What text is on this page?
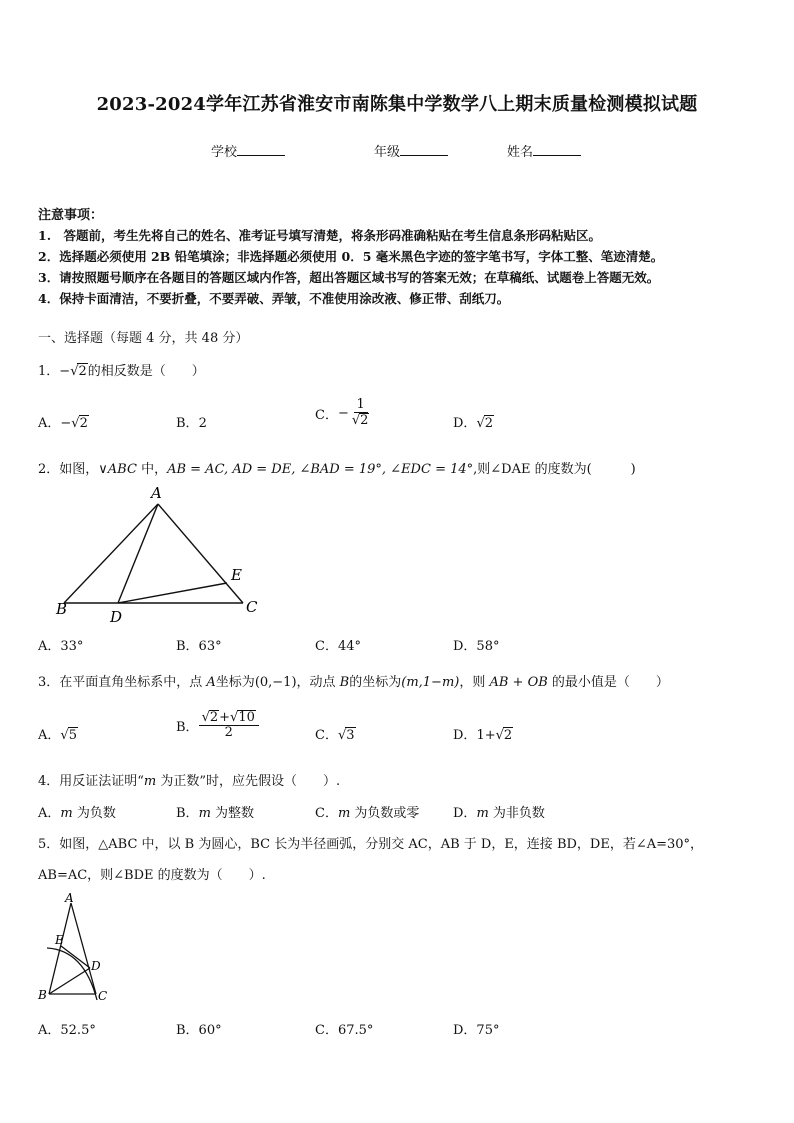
2023-2024学年江苏省淮安市南陈集中学数学八上期末质量检测模拟试题
学校	年级	姓名
注意事项：
1.　答题前，考生先将自己的姓名、准考证号填写清楚，将条形码准确粘贴在考生信息条形码粘贴区。
2．选择题必须使用 2B 铅笔填涂；非选择题必须使用 0．5 毫米黑色字迹的签字笔书写，字体工整、笔迹清楚。
3．请按照题号顺序在各题目的答题区域内作答，超出答题区域书写的答案无效；在草稿纸、试题卷上答题无效。
4．保持卡面清洁，不要折叠，不要弄破、弄皱，不准使用涂改液、修正带、刮纸刀。
一、选择题（每题 4 分，共 48 分）
1．−√2的相反数是（　　）
A．−√2	B．2
C．− $\frac{1}{√2}$	D．√2
2．如图，∨ABC 中，AB = AC, AD = DE, ∠BAD = 19°, ∠EDC = 14°,则∠DAE 的度数为(　　　)
A
B	C
D
E
A．33°	B．63°	C．44°	D．58°
3．在平面直角坐标系中，点 A坐标为(0,−1)，动点 B的坐标为(m,1−m)，则 AB + OB 的最小值是（　　）
A．√5
B． $\frac{√2+√10}{2}$	C．√3	D．1+√2
4．用反证法证明“m 为正数”时，应先假设（　　）.
A．m 为负数	B．m 为整数	C．m 为负数或零	D．m 为非负数
5．如图，△ABC 中，以 B 为圆心，BC 长为半径画弧，分别交 AC，AB 于 D，E，连接 BD，DE，若∠A=30°，
AB=AC，则∠BDE 的度数为（　　）.
A
B	C
D
E
A．52.5°	B．60°	C．67.5°	D．75°
